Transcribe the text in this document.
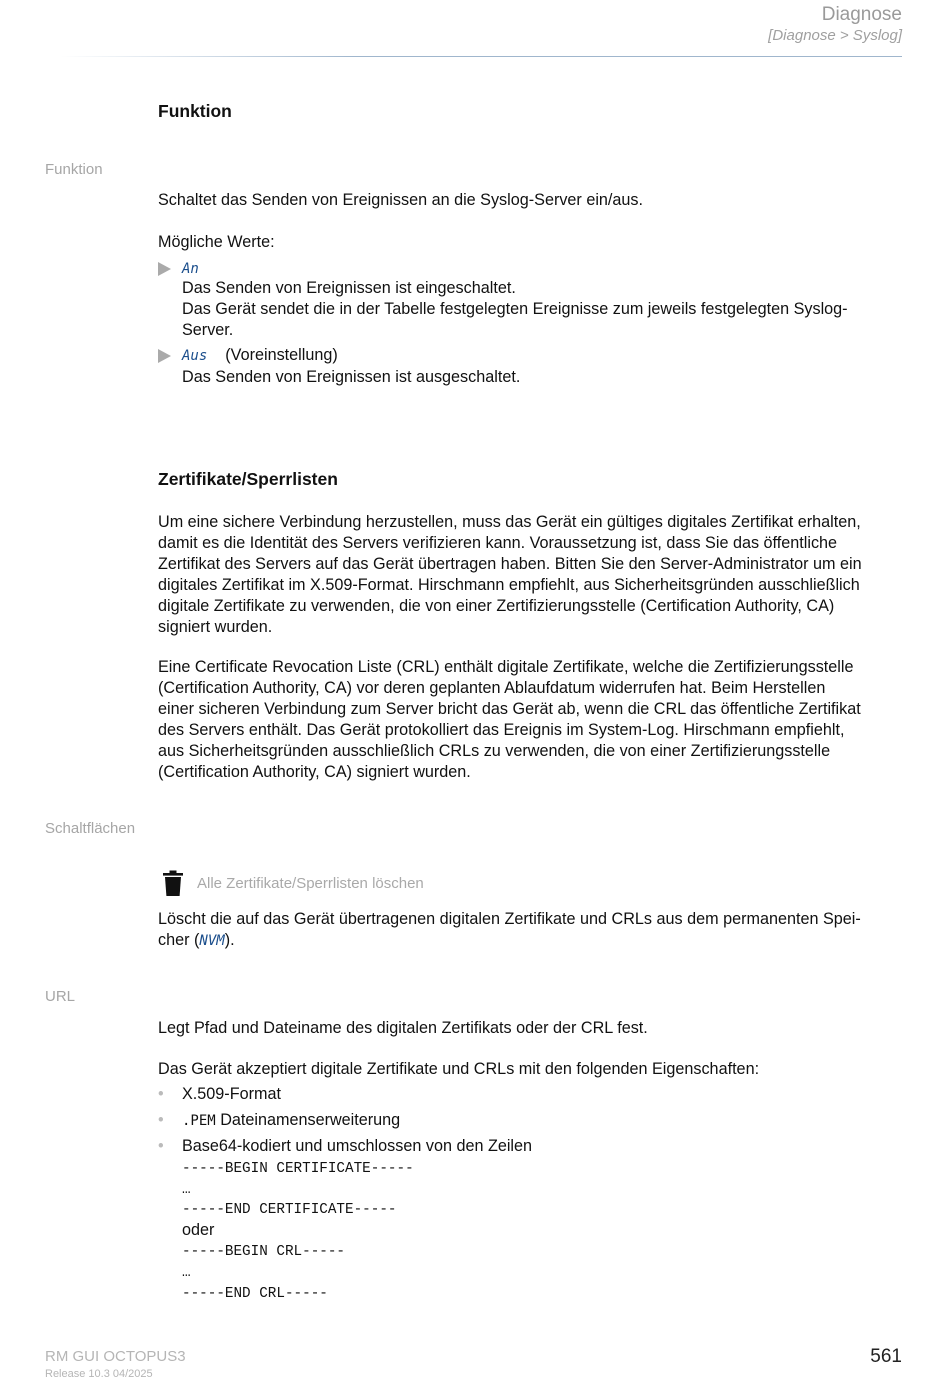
Diagnose
[Diagnose > Syslog]
Funktion
Funktion
Schaltet das Senden von Ereignissen an die Syslog-Server ein/aus.
Mögliche Werte:
An
Das Senden von Ereignissen ist eingeschaltet.
Das Gerät sendet die in der Tabelle festgelegten Ereignisse zum jeweils festgelegten Syslog-
Server.
Aus (Voreinstellung)
Das Senden von Ereignissen ist ausgeschaltet.
Zertifikate/Sperrlisten
Um eine sichere Verbindung herzustellen, muss das Gerät ein gültiges digitales Zertifikat erhalten,
damit es die Identität des Servers verifizieren kann. Voraussetzung ist, dass Sie das öffentliche
Zertifikat des Servers auf das Gerät übertragen haben. Bitten Sie den Server-Administrator um ein
digitales Zertifikat im X.509-Format. Hirschmann empfiehlt, aus Sicherheitsgründen ausschließlich
digitale Zertifikate zu verwenden, die von einer Zertifizierungsstelle (Certification Authority, CA)
signiert wurden.
Eine Certificate Revocation Liste (CRL) enthält digitale Zertifikate, welche die Zertifizierungsstelle
(Certification Authority, CA) vor deren geplanten Ablaufdatum widerrufen hat. Beim Herstellen
einer sicheren Verbindung zum Server bricht das Gerät ab, wenn die CRL das öffentliche Zertifikat
des Servers enthält. Das Gerät protokolliert das Ereignis im System-Log. Hirschmann empfiehlt,
aus Sicherheitsgründen ausschließlich CRLs zu verwenden, die von einer Zertifizierungsstelle
(Certification Authority, CA) signiert wurden.
Schaltflächen
Alle Zertifikate/Sperrlisten löschen
Löscht die auf das Gerät übertragenen digitalen Zertifikate und CRLs aus dem permanenten Spei-
cher (NVM).
URL
Legt Pfad und Dateiname des digitalen Zertifikats oder der CRL fest.
Das Gerät akzeptiert digitale Zertifikate und CRLs mit den folgenden Eigenschaften:
• X.509-Format
• .PEM Dateinamenserweiterung
• Base64-kodiert und umschlossen von den Zeilen
-----BEGIN CERTIFICATE-----
…
-----END CERTIFICATE-----
oder
-----BEGIN CRL-----
…
-----END CRL-----
RM GUI OCTOPUS3
Release 10.3 04/2025
561
